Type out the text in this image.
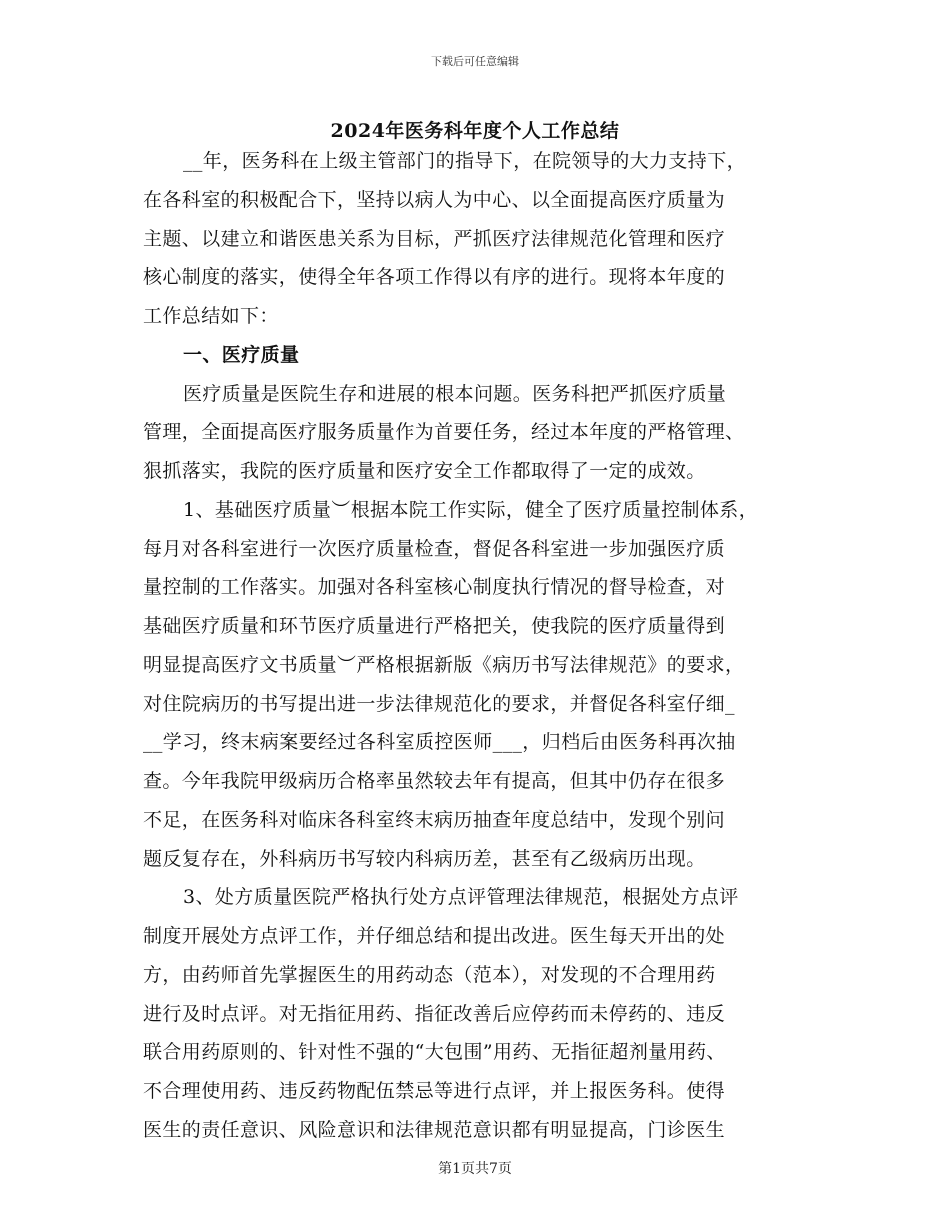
下载后可任意编辑
2024年医务科年度个人工作总结
__年，医务科在上级主管部门的指导下，在院领导的大力支持下，
在各科室的积极配合下，坚持以病人为中心、以全面提高医疗质量为
主题、以建立和谐医患关系为目标，严抓医疗法律规范化管理和医疗
核心制度的落实，使得全年各项工作得以有序的进行。现将本年度的
工作总结如下：
一、医疗质量
医疗质量是医院生存和进展的根本问题。医务科把严抓医疗质量
管理，全面提高医疗服务质量作为首要任务，经过本年度的严格管理、
狠抓落实，我院的医疗质量和医疗安全工作都取得了一定的成效。
1、基础医疗质量︶根据本院工作实际，健全了医疗质量控制体系，
每月对各科室进行一次医疗质量检查，督促各科室进一步加强医疗质
量控制的工作落实。加强对各科室核心制度执行情况的督导检查，对
基础医疗质量和环节医疗质量进行严格把关，使我院的医疗质量得到
明显提高医疗文书质量︶严格根据新版《病历书写法律规范》的要求，
对住院病历的书写提出进一步法律规范化的要求，并督促各科室仔细_
__学习，终末病案要经过各科室质控医师___，归档后由医务科再次抽
查。今年我院甲级病历合格率虽然较去年有提高，但其中仍存在很多
不足，在医务科对临床各科室终末病历抽查年度总结中，发现个别问
题反复存在，外科病历书写较内科病历差，甚至有乙级病历出现。
3、处方质量医院严格执行处方点评管理法律规范，根据处方点评
制度开展处方点评工作，并仔细总结和提出改进。医生每天开出的处
方，由药师首先掌握医生的用药动态（范本），对发现的不合理用药
进行及时点评。对无指征用药、指征改善后应停药而未停药的、违反
联合用药原则的、针对性不强的“大包围”用药、无指征超剂量用药、
不合理使用药、违反药物配伍禁忌等进行点评，并上报医务科。使得
医生的责任意识、风险意识和法律规范意识都有明显提高，门诊医生
第1页共7页
